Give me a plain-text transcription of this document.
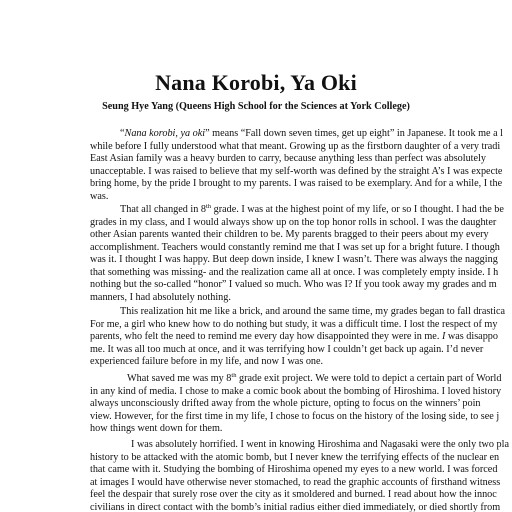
Nana Korobi, Ya Oki
Seung Hye Yang (Queens High School for the Sciences at York College)
“Nana korobi, ya oki” means “Fall down seven times, get up eight” in Japanese. It took me a l
while before I fully understood what that meant. Growing up as the firstborn daughter of a very tradi
East Asian family was a heavy burden to carry, because anything less than perfect was absolutely
unacceptable. I was raised to believe that my self-worth was defined by the straight A’s I was expecte
bring home, by the pride I brought to my parents. I was raised to be exemplary. And for a while, I the
was.
That all changed in 8th grade. I was at the highest point of my life, or so I thought. I had the be
grades in my class, and I would always show up on the top honor rolls in school. I was the daughter
other Asian parents wanted their children to be. My parents bragged to their peers about my every
accomplishment. Teachers would constantly remind me that I was set up for a bright future. I though
was it. I thought I was happy. But deep down inside, I knew I wasn’t. There was always the nagging
that something was missing- and the realization came all at once. I was completely empty inside. I h
nothing but the so-called “honor” I valued so much. Who was I? If you took away my grades and m
manners, I had absolutely nothing.
This realization hit me like a brick, and around the same time, my grades began to fall drastica
For me, a girl who knew how to do nothing but study, it was a difficult time. I lost the respect of my
parents, who felt the need to remind me every day how disappointed they were in me. I was disappo
me. It was all too much at once, and it was terrifying how I couldn’t get back up again. I’d never
experienced failure before in my life, and now I was one.
What saved me was my 8th grade exit project. We were told to depict a certain part of World
in any kind of media. I chose to make a comic book about the bombing of Hiroshima. I loved history
always unconsciously drifted away from the whole picture, opting to focus on the winners’ poin
view. However, for the first time in my life, I chose to focus on the history of the losing side, to see j
how things went down for them.
I was absolutely horrified. I went in knowing Hiroshima and Nagasaki were the only two pla
history to be attacked with the atomic bomb, but I never knew the terrifying effects of the nuclear en
that came with it. Studying the bombing of Hiroshima opened my eyes to a new world. I was forced
at images I would have otherwise never stomached, to read the graphic accounts of firsthand witness
feel the despair that surely rose over the city as it smoldered and burned. I read about how the innoc
civilians in direct contact with the bomb’s initial radius either died immediately, or died shortly from
